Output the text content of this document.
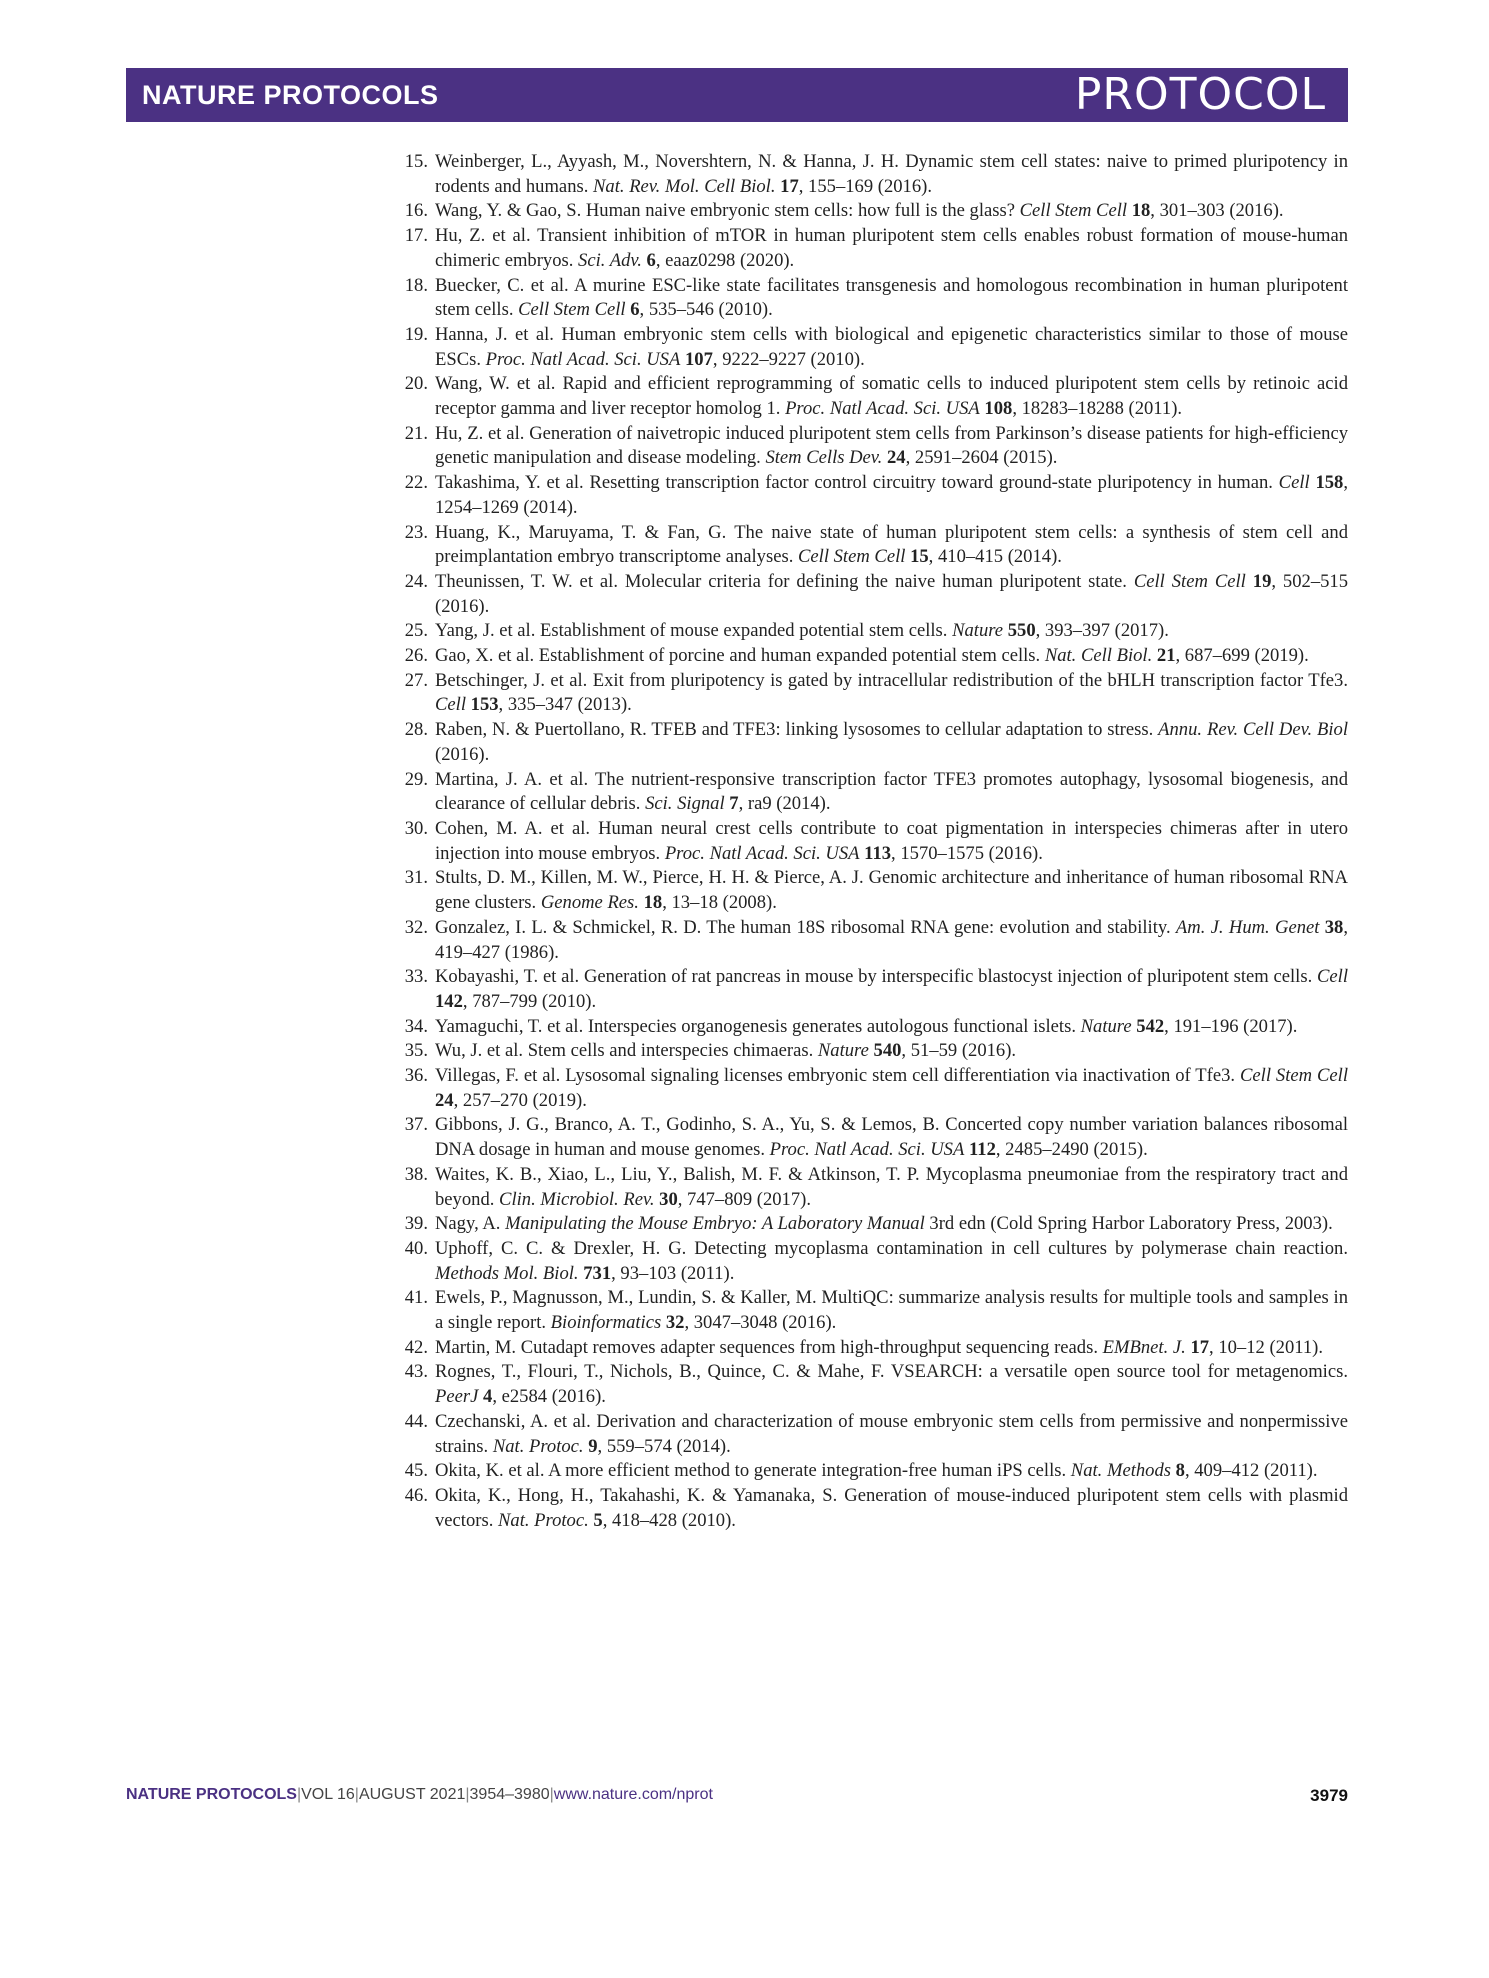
NATURE PROTOCOLS	PROTOCOL
15. Weinberger, L., Ayyash, M., Novershtern, N. & Hanna, J. H. Dynamic stem cell states: naive to primed pluripotency in rodents and humans. Nat. Rev. Mol. Cell Biol. 17, 155–169 (2016).
16. Wang, Y. & Gao, S. Human naive embryonic stem cells: how full is the glass? Cell Stem Cell 18, 301–303 (2016).
17. Hu, Z. et al. Transient inhibition of mTOR in human pluripotent stem cells enables robust formation of mouse-human chimeric embryos. Sci. Adv. 6, eaaz0298 (2020).
18. Buecker, C. et al. A murine ESC-like state facilitates transgenesis and homologous recombination in human pluripotent stem cells. Cell Stem Cell 6, 535–546 (2010).
19. Hanna, J. et al. Human embryonic stem cells with biological and epigenetic characteristics similar to those of mouse ESCs. Proc. Natl Acad. Sci. USA 107, 9222–9227 (2010).
20. Wang, W. et al. Rapid and efficient reprogramming of somatic cells to induced pluripotent stem cells by retinoic acid receptor gamma and liver receptor homolog 1. Proc. Natl Acad. Sci. USA 108, 18283–18288 (2011).
21. Hu, Z. et al. Generation of naivetropic induced pluripotent stem cells from Parkinson’s disease patients for high-efficiency genetic manipulation and disease modeling. Stem Cells Dev. 24, 2591–2604 (2015).
22. Takashima, Y. et al. Resetting transcription factor control circuitry toward ground-state pluripotency in human. Cell 158, 1254–1269 (2014).
23. Huang, K., Maruyama, T. & Fan, G. The naive state of human pluripotent stem cells: a synthesis of stem cell and preimplantation embryo transcriptome analyses. Cell Stem Cell 15, 410–415 (2014).
24. Theunissen, T. W. et al. Molecular criteria for defining the naive human pluripotent state. Cell Stem Cell 19, 502–515 (2016).
25. Yang, J. et al. Establishment of mouse expanded potential stem cells. Nature 550, 393–397 (2017).
26. Gao, X. et al. Establishment of porcine and human expanded potential stem cells. Nat. Cell Biol. 21, 687–699 (2019).
27. Betschinger, J. et al. Exit from pluripotency is gated by intracellular redistribution of the bHLH transcription factor Tfe3. Cell 153, 335–347 (2013).
28. Raben, N. & Puertollano, R. TFEB and TFE3: linking lysosomes to cellular adaptation to stress. Annu. Rev. Cell Dev. Biol (2016).
29. Martina, J. A. et al. The nutrient-responsive transcription factor TFE3 promotes autophagy, lysosomal biogenesis, and clearance of cellular debris. Sci. Signal 7, ra9 (2014).
30. Cohen, M. A. et al. Human neural crest cells contribute to coat pigmentation in interspecies chimeras after in utero injection into mouse embryos. Proc. Natl Acad. Sci. USA 113, 1570–1575 (2016).
31. Stults, D. M., Killen, M. W., Pierce, H. H. & Pierce, A. J. Genomic architecture and inheritance of human ribosomal RNA gene clusters. Genome Res. 18, 13–18 (2008).
32. Gonzalez, I. L. & Schmickel, R. D. The human 18S ribosomal RNA gene: evolution and stability. Am. J. Hum. Genet 38, 419–427 (1986).
33. Kobayashi, T. et al. Generation of rat pancreas in mouse by interspecific blastocyst injection of pluripotent stem cells. Cell 142, 787–799 (2010).
34. Yamaguchi, T. et al. Interspecies organogenesis generates autologous functional islets. Nature 542, 191–196 (2017).
35. Wu, J. et al. Stem cells and interspecies chimaeras. Nature 540, 51–59 (2016).
36. Villegas, F. et al. Lysosomal signaling licenses embryonic stem cell differentiation via inactivation of Tfe3. Cell Stem Cell 24, 257–270 (2019).
37. Gibbons, J. G., Branco, A. T., Godinho, S. A., Yu, S. & Lemos, B. Concerted copy number variation balances ribosomal DNA dosage in human and mouse genomes. Proc. Natl Acad. Sci. USA 112, 2485–2490 (2015).
38. Waites, K. B., Xiao, L., Liu, Y., Balish, M. F. & Atkinson, T. P. Mycoplasma pneumoniae from the respiratory tract and beyond. Clin. Microbiol. Rev. 30, 747–809 (2017).
39. Nagy, A. Manipulating the Mouse Embryo: A Laboratory Manual 3rd edn (Cold Spring Harbor Laboratory Press, 2003).
40. Uphoff, C. C. & Drexler, H. G. Detecting mycoplasma contamination in cell cultures by polymerase chain reaction. Methods Mol. Biol. 731, 93–103 (2011).
41. Ewels, P., Magnusson, M., Lundin, S. & Kaller, M. MultiQC: summarize analysis results for multiple tools and samples in a single report. Bioinformatics 32, 3047–3048 (2016).
42. Martin, M. Cutadapt removes adapter sequences from high-throughput sequencing reads. EMBnet. J. 17, 10–12 (2011).
43. Rognes, T., Flouri, T., Nichols, B., Quince, C. & Mahe, F. VSEARCH: a versatile open source tool for metagenomics. PeerJ 4, e2584 (2016).
44. Czechanski, A. et al. Derivation and characterization of mouse embryonic stem cells from permissive and nonpermissive strains. Nat. Protoc. 9, 559–574 (2014).
45. Okita, K. et al. A more efficient method to generate integration-free human iPS cells. Nat. Methods 8, 409–412 (2011).
46. Okita, K., Hong, H., Takahashi, K. & Yamanaka, S. Generation of mouse-induced pluripotent stem cells with plasmid vectors. Nat. Protoc. 5, 418–428 (2010).
NATURE PROTOCOLS|VOL 16|AUGUST 2021|3954–3980|www.nature.com/nprot	3979
